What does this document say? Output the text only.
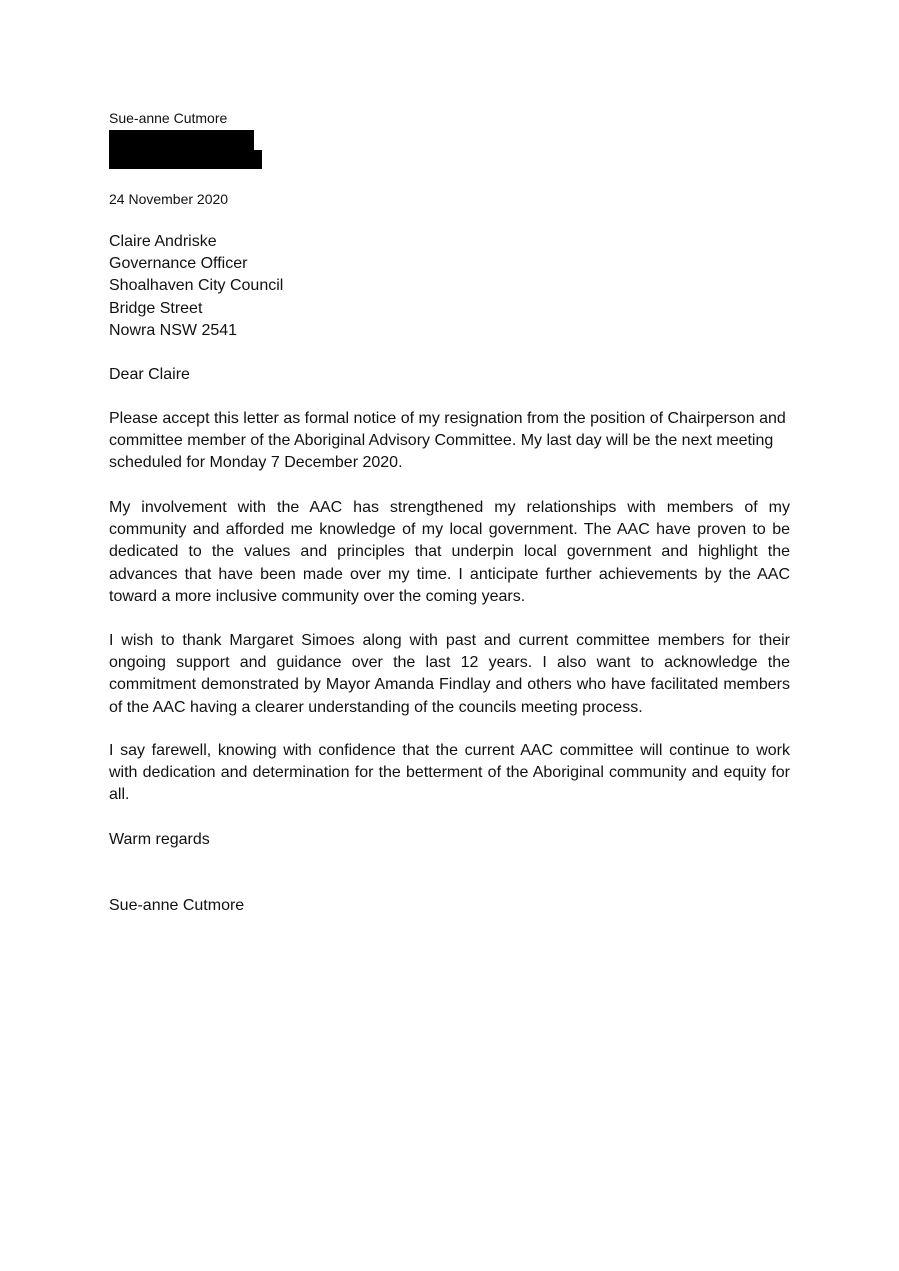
Sue-anne Cutmore
24 November 2020
Claire Andriske
Governance Officer
Shoalhaven City Council
Bridge Street
Nowra NSW 2541
Dear Claire

Please accept this letter as formal notice of my resignation from the position of Chairperson and committee member of the Aboriginal Advisory Committee. My last day will be the next meeting scheduled for Monday 7 December 2020.

My involvement with the AAC has strengthened my relationships with members of my community and afforded me knowledge of my local government. The AAC have proven to be dedicated to the values and principles that underpin local government and highlight the advances that have been made over my time. I anticipate further achievements by the AAC toward a more inclusive community over the coming years.

I wish to thank Margaret Simoes along with past and current committee members for their ongoing support and guidance over the last 12 years. I also want to acknowledge the commitment demonstrated by Mayor Amanda Findlay and others who have facilitated members of the AAC having a clearer understanding of the councils meeting process.

I say farewell, knowing with confidence that the current AAC committee will continue to work with dedication and determination for the betterment of the Aboriginal community and equity for all.

Warm regards
Sue-anne Cutmore
